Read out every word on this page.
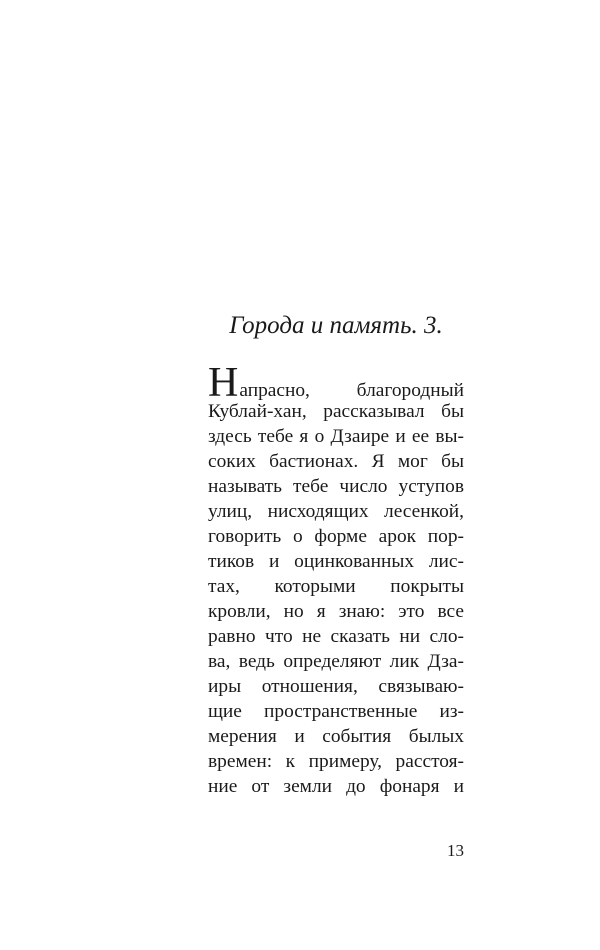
Города и память. 3.
Напрасно, благородный
Кублай-хан, рассказывал бы
здесь тебе я о Дзаире и ее вы-
соких бастионах. Я мог бы
называть тебе число уступов
улиц, нисходящих лесенкой,
говорить о форме арок пор-
тиков и оцинкованных лис-
тах, которыми покрыты
кровли, но я знаю: это все
равно что не сказать ни сло-
ва, ведь определяют лик Дза-
иры отношения, связываю-
щие пространственные из-
мерения и события былых
времен: к примеру, расстоя-
ние от земли до фонаря и

13
